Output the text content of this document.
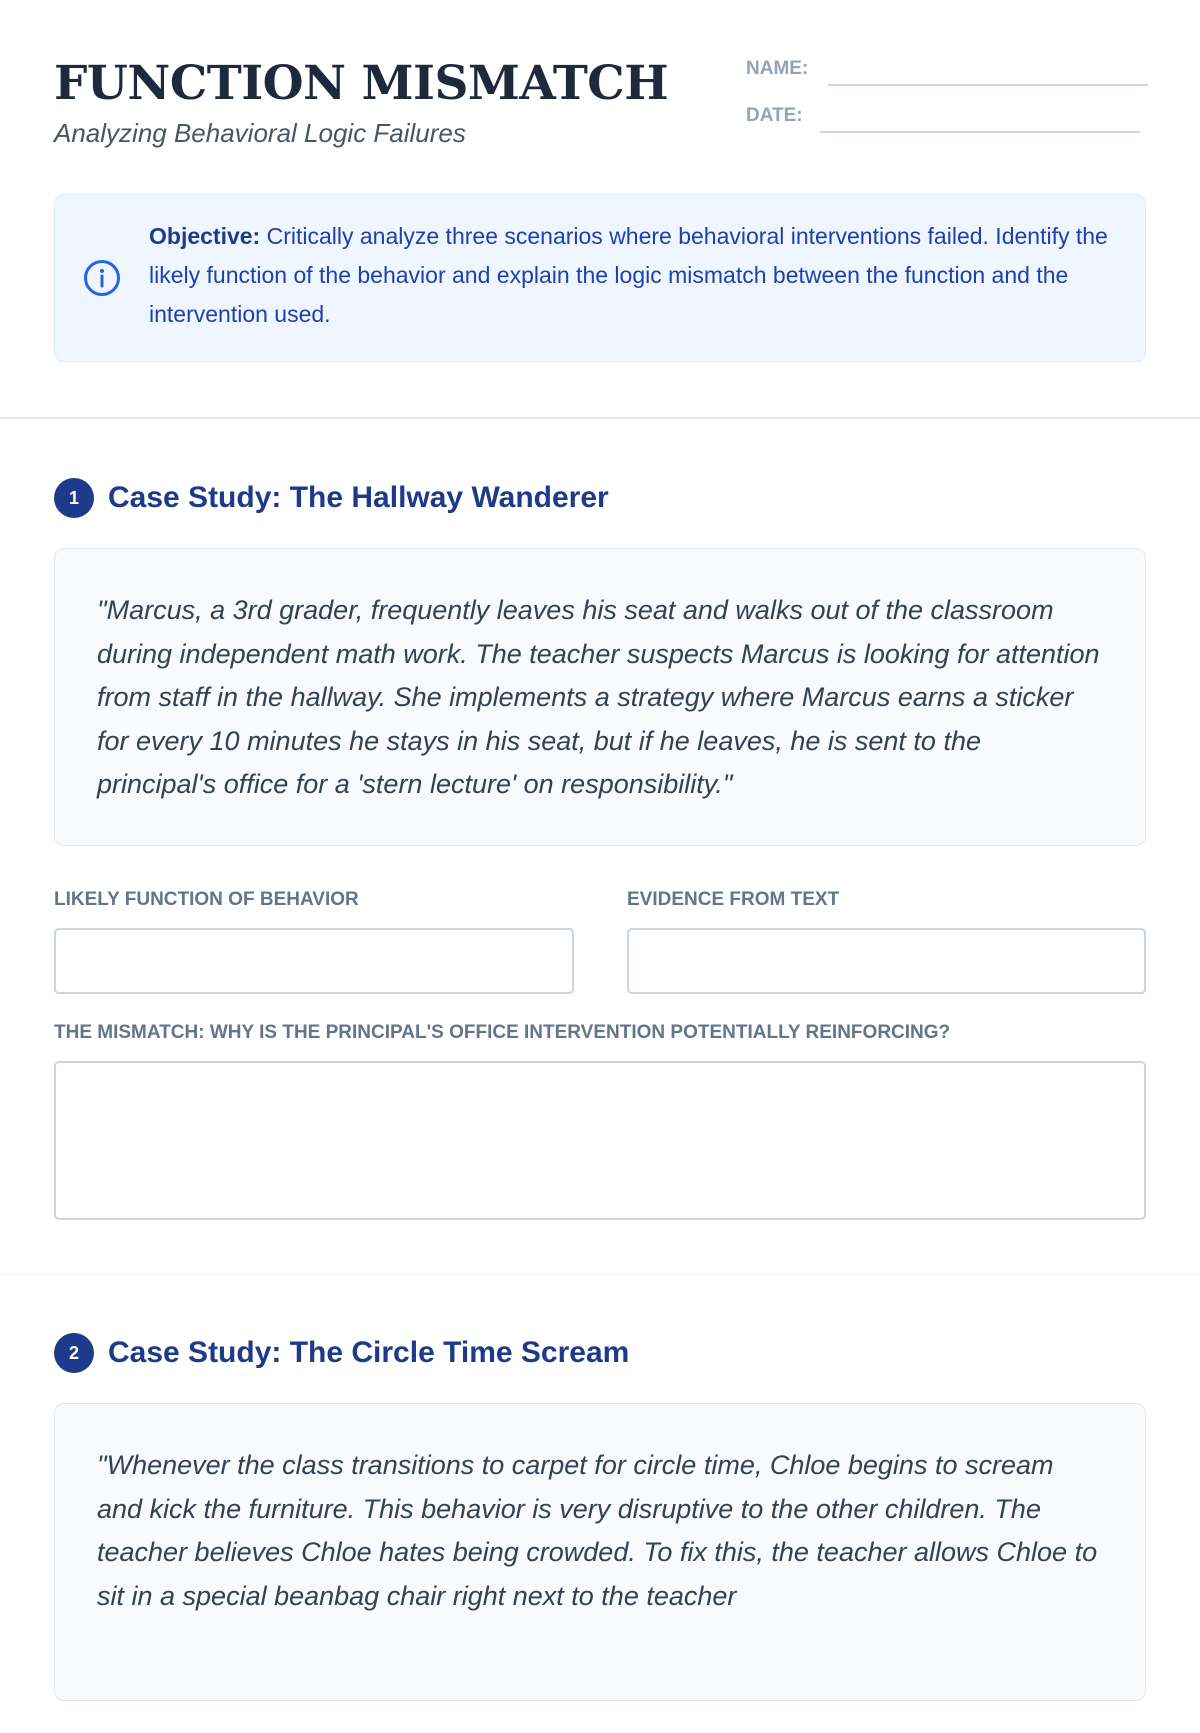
FUNCTION MISMATCH
Analyzing Behavioral Logic Failures
NAME:
DATE:
Objective: Critically analyze three scenarios where behavioral interventions failed. Identify the likely function of the behavior and explain the logic mismatch between the function and the intervention used.
1 Case Study: The Hallway Wanderer
"Marcus, a 3rd grader, frequently leaves his seat and walks out of the classroom during independent math work. The teacher suspects Marcus is looking for attention from staff in the hallway. She implements a strategy where Marcus earns a sticker for every 10 minutes he stays in his seat, but if he leaves, he is sent to the principal's office for a 'stern lecture' on responsibility."
LIKELY FUNCTION OF BEHAVIOR	EVIDENCE FROM TEXT
THE MISMATCH: WHY IS THE PRINCIPAL'S OFFICE INTERVENTION POTENTIALLY REINFORCING?
2 Case Study: The Circle Time Scream
"Whenever the class transitions to carpet for circle time, Chloe begins to scream and kick the furniture. This behavior is very disruptive to the other children. The teacher believes Chloe hates being crowded. To fix this, the teacher allows Chloe to sit in a special beanbag chair right next to the teacher
